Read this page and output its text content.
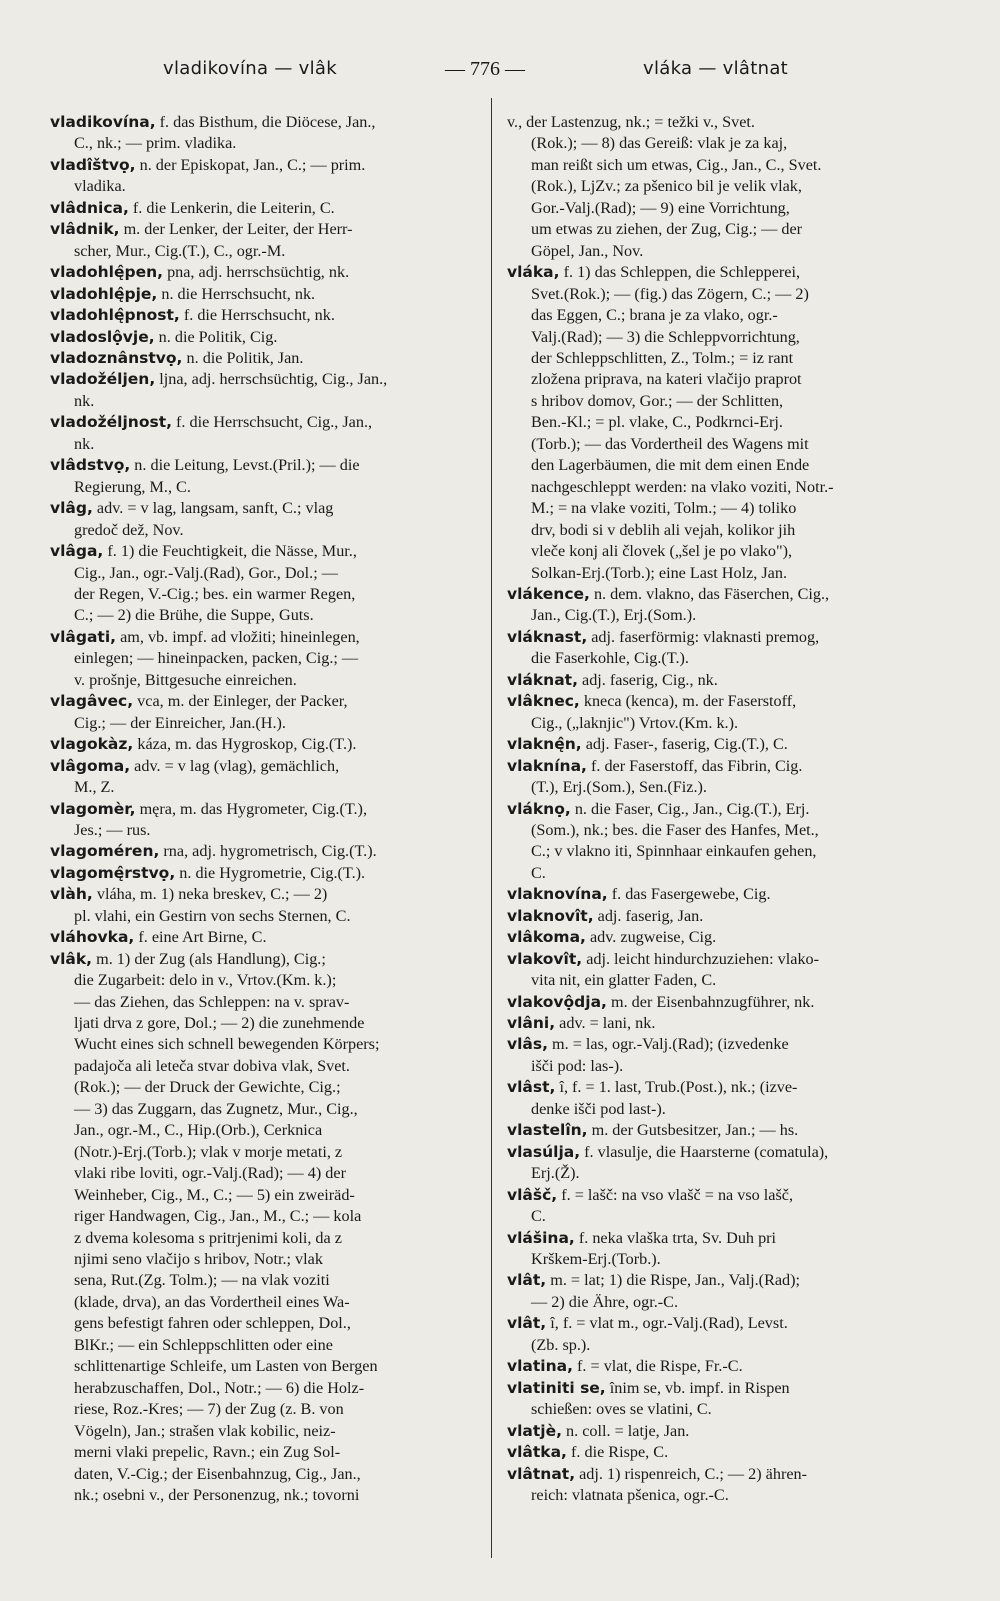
vladikovína — vlâk	— 776 —	vláka — vlâtnat
vladikovína, f. das Bisthum, die Diöcese, Jan.,
C., nk.; — prim. vladika.
vladîštvọ, n. der Episkopat, Jan., C.; — prim.
vladika.
vlâdnica, f. die Lenkerin, die Leiterin, C.
vlâdnik, m. der Lenker, der Leiter, der Herr-
scher, Mur., Cig.(T.), C., ogr.-M.
vladohlę̂pen, pna, adj. herrschsüchtig, nk.
vladohlę̂pje, n. die Herrschsucht, nk.
vladohlę̂pnost, f. die Herrschsucht, nk.
vladoslộvje, n. die Politik, Cig.
vladoznânstvọ, n. die Politik, Jan.
vladožéljen, ljna, adj. herrschsüchtig, Cig., Jan.,
nk.
vladožéljnost, f. die Herrschsucht, Cig., Jan.,
nk.
vlâdstvọ, n. die Leitung, Levst.(Pril.); — die
Regierung, M., C.
vlâg, adv. = v lag, langsam, sanft, C.; vlag
gredoč dež, Nov.
vlâga, f. 1) die Feuchtigkeit, die Nässe, Mur.,
Cig., Jan., ogr.-Valj.(Rad), Gor., Dol.; —
der Regen, V.-Cig.; bes. ein warmer Regen,
C.; — 2) die Brühe, die Suppe, Guts.
vlâgati, am, vb. impf. ad vložiti; hineinlegen,
einlegen; — hineinpacken, packen, Cig.; —
v. prošnje, Bittgesuche einreichen.
vlagâvec, vca, m. der Einleger, der Packer,
Cig.; — der Einreicher, Jan.(H.).
vlagokàz, káza, m. das Hygroskop, Cig.(T.).
vlâgoma, adv. = v lag (vlag), gemächlich,
M., Z.
vlagomèr, męra, m. das Hygrometer, Cig.(T.),
Jes.; — rus.
vlagoméren, rna, adj. hygrometrisch, Cig.(T.).
vlagomę̂rstvọ, n. die Hygrometrie, Cig.(T.).
vlàh, vláha, m. 1) neka breskev, C.; — 2)
pl. vlahi, ein Gestirn von sechs Sternen, C.
vláhovka, f. eine Art Birne, C.
vlâk, m. 1) der Zug (als Handlung), Cig.;
die Zugarbeit: delo in v., Vrtov.(Km. k.);
— das Ziehen, das Schleppen: na v. sprav-
ljati drva z gore, Dol.; — 2) die zunehmende
Wucht eines sich schnell bewegenden Körpers;
padajoča ali leteča stvar dobiva vlak, Svet.
(Rok.); — der Druck der Gewichte, Cig.;
— 3) das Zuggarn, das Zugnetz, Mur., Cig.,
Jan., ogr.-M., C., Hip.(Orb.), Cerknica
(Notr.)-Erj.(Torb.); vlak v morje metati, z
vlaki ribe loviti, ogr.-Valj.(Rad); — 4) der
Weinheber, Cig., M., C.; — 5) ein zweiräd-
riger Handwagen, Cig., Jan., M., C.; — kola
z dvema kolesoma s pritrjenimi koli, da z
njimi seno vlačijo s hribov, Notr.; vlak
sena, Rut.(Zg. Tolm.); — na vlak voziti
(klade, drva), an das Vordertheil eines Wa-
gens befestigt fahren oder schleppen, Dol.,
BlKr.; — ein Schleppschlitten oder eine
schlittenartige Schleife, um Lasten von Bergen
herabzuschaffen, Dol., Notr.; — 6) die Holz-
riese, Roz.-Kres; — 7) der Zug (z. B. von
Vögeln), Jan.; strašen vlak kobilic, neiz-
merni vlaki prepelic, Ravn.; ein Zug Sol-
daten, V.-Cig.; der Eisenbahnzug, Cig., Jan.,
nk.; osebni v., der Personenzug, nk.; tovorni
v., der Lastenzug, nk.; = težki v., Svet.
(Rok.); — 8) das Gereiß: vlak je za kaj,
man reißt sich um etwas, Cig., Jan., C., Svet.
(Rok.), LjZv.; za pšenico bil je velik vlak,
Gor.-Valj.(Rad); — 9) eine Vorrichtung,
um etwas zu ziehen, der Zug, Cig.; — der
Göpel, Jan., Nov.
vláka, f. 1) das Schleppen, die Schlepperei,
Svet.(Rok.); — (fig.) das Zögern, C.; — 2)
das Eggen, C.; brana je za vlako, ogr.-
Valj.(Rad); — 3) die Schleppvorrichtung,
der Schleppschlitten, Z., Tolm.; = iz rant
zložena priprava, na kateri vlačijo praprot
s hribov domov, Gor.; — der Schlitten,
Ben.-Kl.; = pl. vlake, C., Podkrnci-Erj.
(Torb.); — das Vordertheil des Wagens mit
den Lagerbäumen, die mit dem einen Ende
nachgeschleppt werden: na vlako voziti, Notr.-
M.; = na vlake voziti, Tolm.; — 4) toliko
drv, bodi si v deblih ali vejah, kolikor jih
vleče konj ali človek („šel je po vlako"),
Solkan-Erj.(Torb.); eine Last Holz, Jan.
vlákence, n. dem. vlakno, das Fäserchen, Cig.,
Jan., Cig.(T.), Erj.(Som.).
vláknast, adj. faserförmig: vlaknasti premog,
die Faserkohle, Cig.(T.).
vláknat, adj. faserig, Cig., nk.
vlâknec, kneca (kenca), m. der Faserstoff,
Cig., („laknjic") Vrtov.(Km. k.).
vlaknę̂n, adj. Faser-, faserig, Cig.(T.), C.
vlaknína, f. der Faserstoff, das Fibrin, Cig.
(T.), Erj.(Som.), Sen.(Fiz.).
vláknọ, n. die Faser, Cig., Jan., Cig.(T.), Erj.
(Som.), nk.; bes. die Faser des Hanfes, Met.,
C.; v vlakno iti, Spinnhaar einkaufen gehen,
C.
vlaknovína, f. das Fasergewebe, Cig.
vlaknovît, adj. faserig, Jan.
vlâkoma, adv. zugweise, Cig.
vlakovît, adj. leicht hindurchzuziehen: vlako-
vita nit, ein glatter Faden, C.
vlakovộdja, m. der Eisenbahnzugführer, nk.
vlâni, adv. = lani, nk.
vlâs, m. = las, ogr.-Valj.(Rad); (izvedenke
išči pod: las-).
vlâst, î, f. = 1. last, Trub.(Post.), nk.; (izve-
denke išči pod last-).
vlastelîn, m. der Gutsbesitzer, Jan.; — hs.
vlasúlja, f. vlasulje, die Haarsterne (comatula),
Erj.(Ž).
vlâšč, f. = lašč: na vso vlašč = na vso lašč,
C.
vlášina, f. neka vlaška trta, Sv. Duh pri
Krškem-Erj.(Torb.).
vlât, m. = lat; 1) die Rispe, Jan., Valj.(Rad);
— 2) die Ähre, ogr.-C.
vlât, î, f. = vlat m., ogr.-Valj.(Rad), Levst.
(Zb. sp.).
vlatina, f. = vlat, die Rispe, Fr.-C.
vlatiniti se, înim se, vb. impf. in Rispen
schießen: oves se vlatini, C.
vlatjè, n. coll. = latje, Jan.
vlâtka, f. die Rispe, C.
vlâtnat, adj. 1) rispenreich, C.; — 2) ähren-
reich: vlatnata pšenica, ogr.-C.
